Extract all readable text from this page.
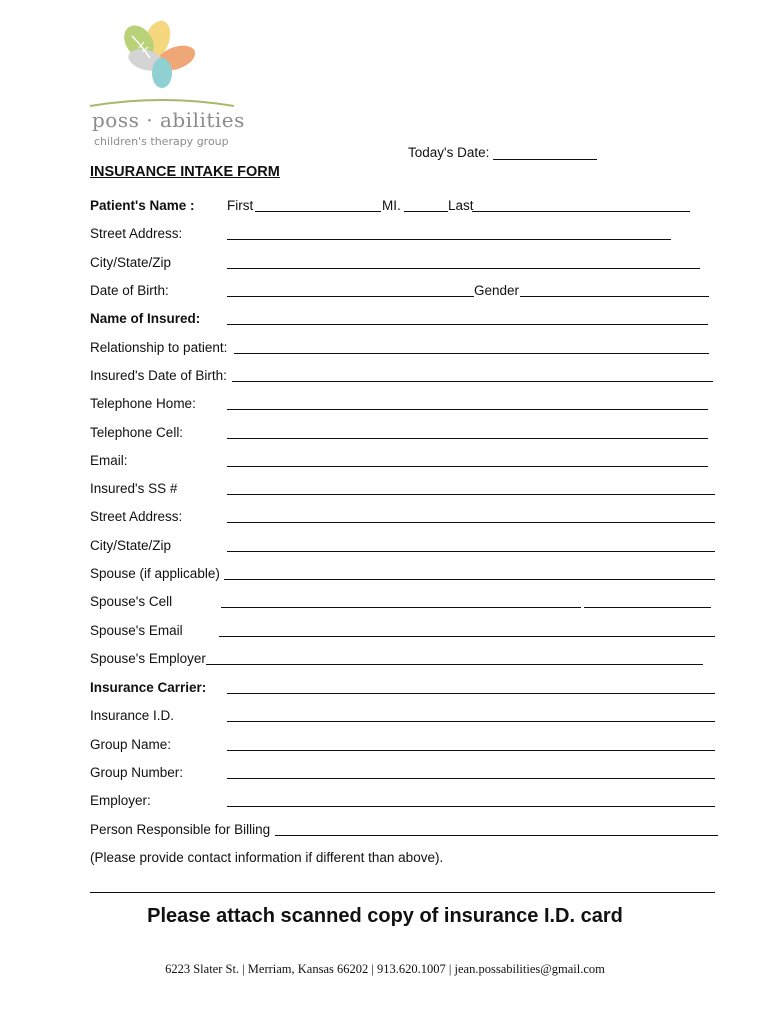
poss · abilities
children's therapy group
Today's Date:
INSURANCE INTAKE FORM
Patient's Name : First	MI.	Last
Street Address:
City/State/Zip
Date of Birth:	Gender
Name of Insured:
Relationship to patient:
Insured's Date of Birth:
Telephone Home:
Telephone Cell:
Email:
Insured's SS #
Street Address:
City/State/Zip
Spouse (if applicable)
Spouse's Cell
Spouse's Email
Spouse's Employer
Insurance Carrier:
Insurance I.D.
Group Name:
Group Number:
Employer:
Person Responsible for Billing
(Please provide contact information if different than above).
Please attach scanned copy of insurance I.D. card
6223 Slater St. | Merriam, Kansas 66202 | 913.620.1007 | jean.possabilities@gmail.com
